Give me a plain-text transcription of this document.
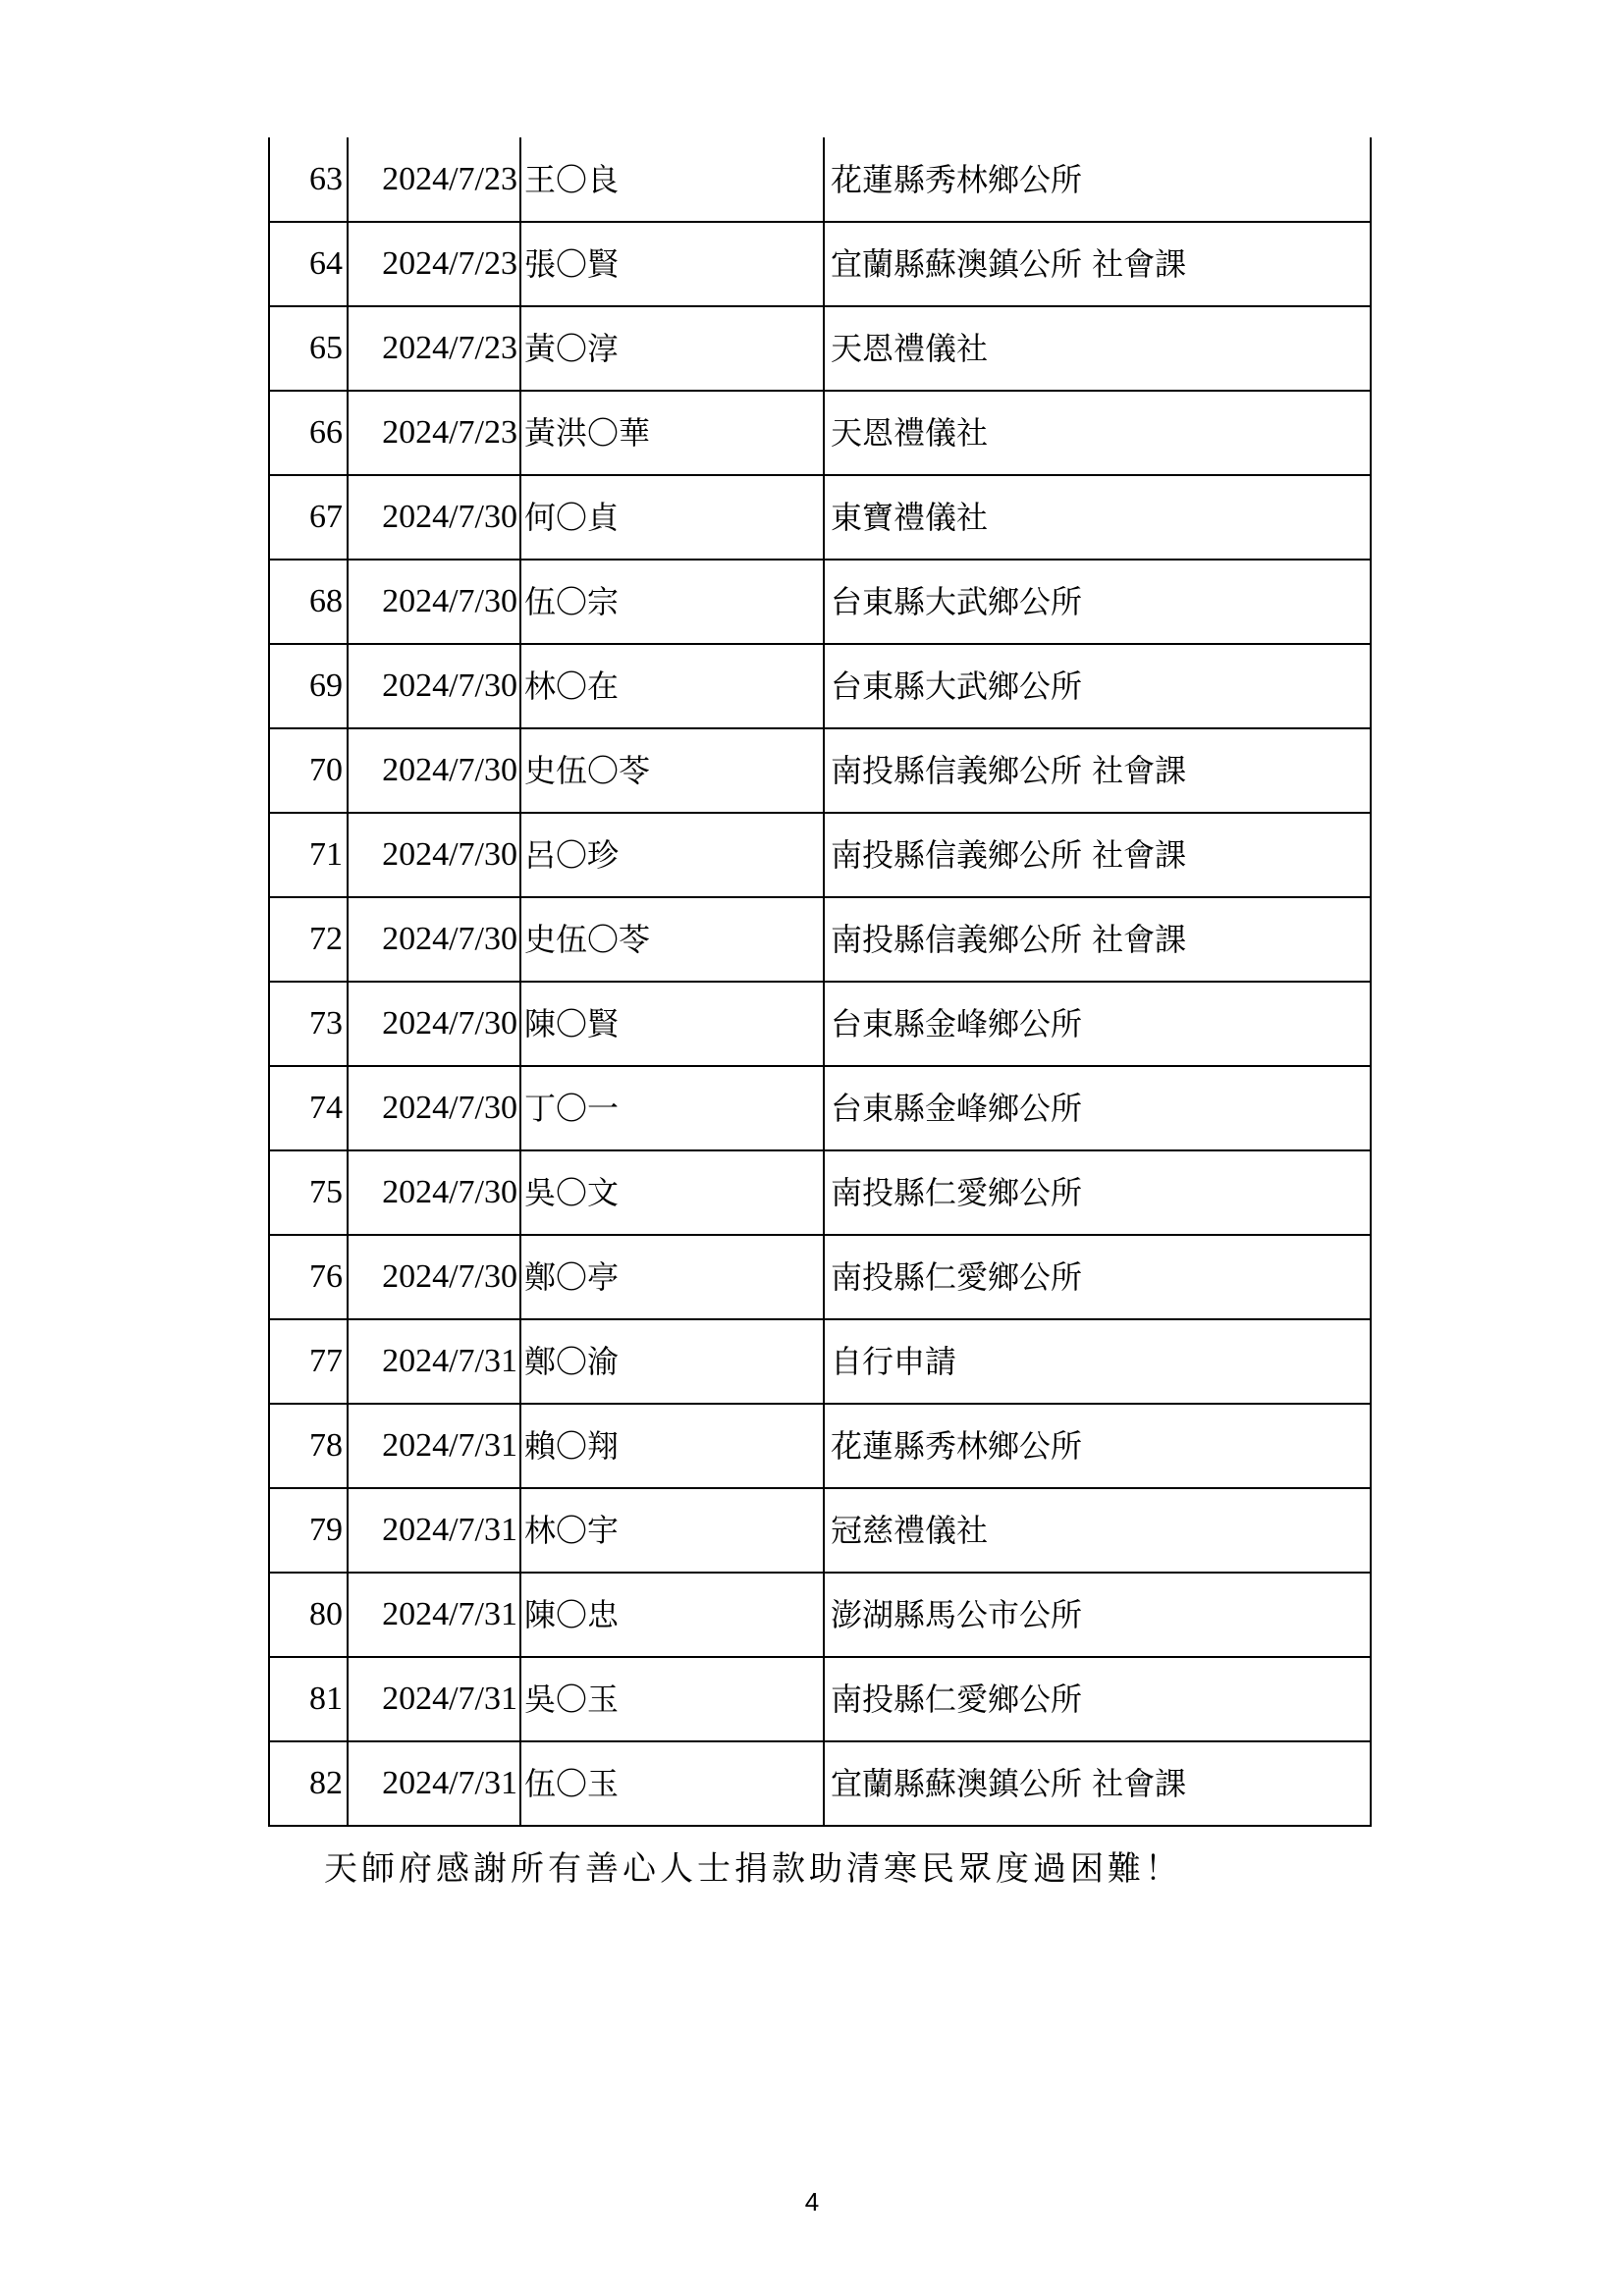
63	2024/7/23	王〇良	花蓮縣秀林鄉公所
64	2024/7/23	張〇賢	宜蘭縣蘇澳鎮公所 社會課
65	2024/7/23	黃〇淳	天恩禮儀社
66	2024/7/23	黃洪〇華	天恩禮儀社
67	2024/7/30	何〇貞	東寶禮儀社
68	2024/7/30	伍〇宗	台東縣大武鄉公所
69	2024/7/30	林〇在	台東縣大武鄉公所
70	2024/7/30	史伍〇苓	南投縣信義鄉公所 社會課
71	2024/7/30	呂〇珍	南投縣信義鄉公所 社會課
72	2024/7/30	史伍〇苓	南投縣信義鄉公所 社會課
73	2024/7/30	陳〇賢	台東縣金峰鄉公所
74	2024/7/30	丁〇一	台東縣金峰鄉公所
75	2024/7/30	吳〇文	南投縣仁愛鄉公所
76	2024/7/30	鄭〇亭	南投縣仁愛鄉公所
77	2024/7/31	鄭〇渝	自行申請
78	2024/7/31	賴〇翔	花蓮縣秀林鄉公所
79	2024/7/31	林〇宇	冠慈禮儀社
80	2024/7/31	陳〇忠	澎湖縣馬公市公所
81	2024/7/31	吳〇玉	南投縣仁愛鄉公所
82	2024/7/31	伍〇玉	宜蘭縣蘇澳鎮公所 社會課
天師府感謝所有善心人士捐款助清寒民眾度過困難！
4
